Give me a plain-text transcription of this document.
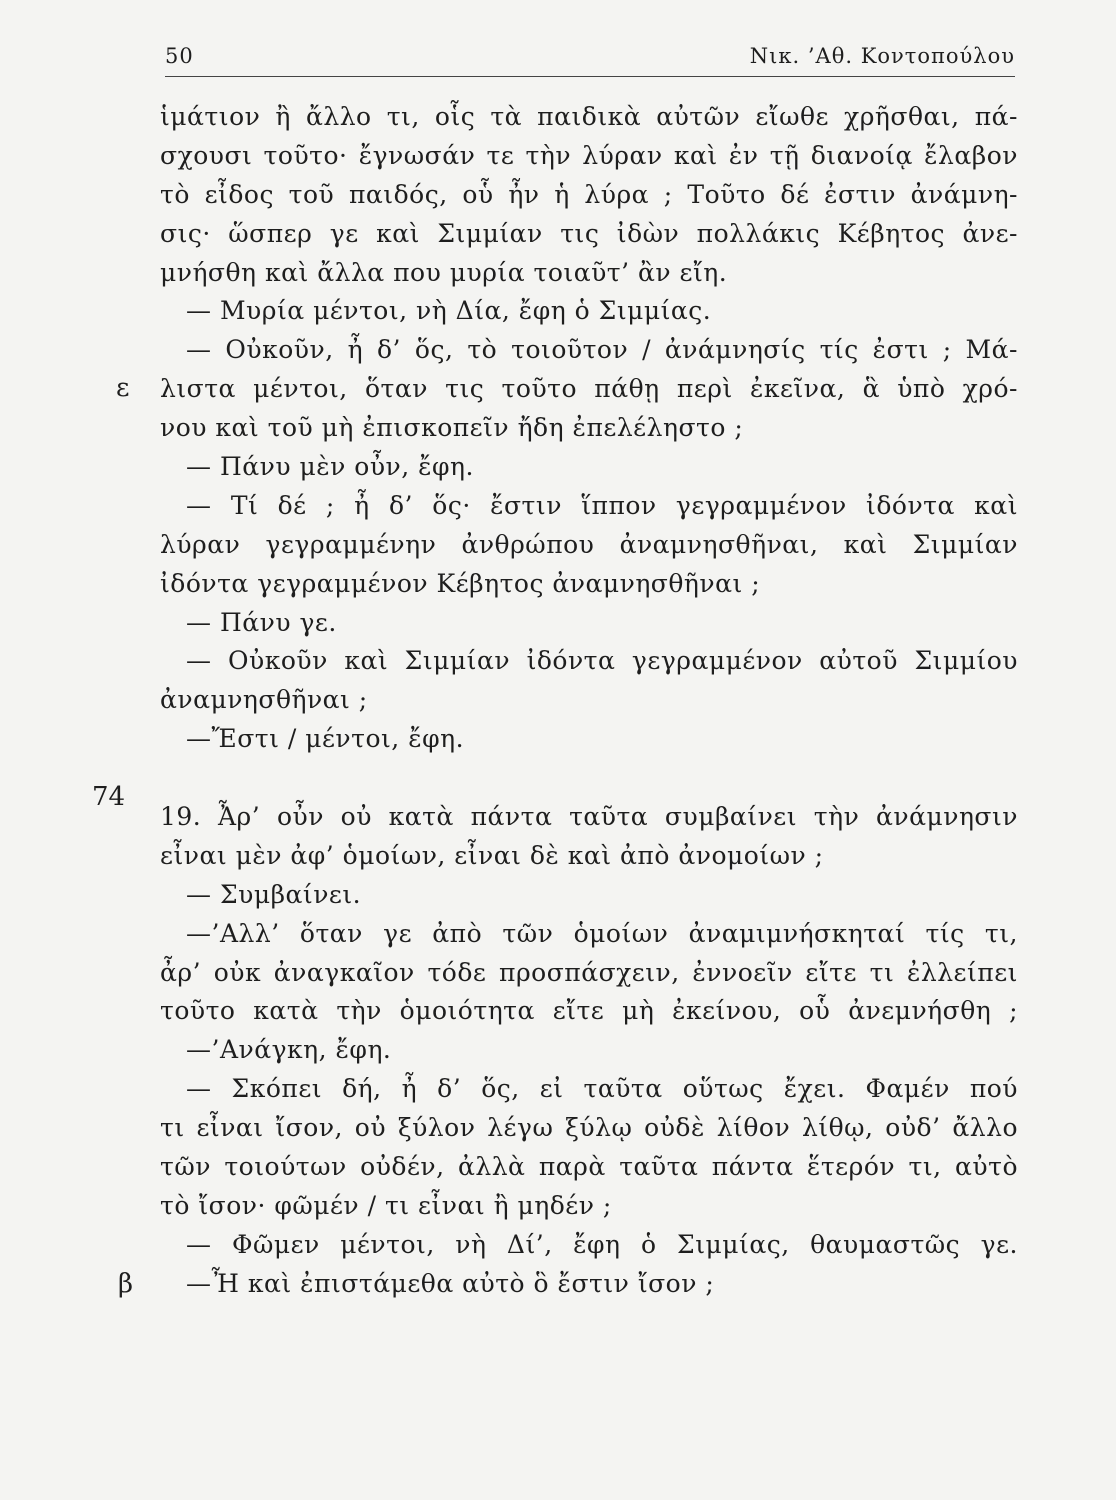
50	Νικ. ’Αθ. Κοντοπούλου
ε
74
β
ἱμάτιον ἢ ἄλλο τι, οἷς τὰ παιδικὰ αὐτῶν εἴωθε χρῆσθαι, πά-
σχουσι τοῦτο· ἔγνωσάν τε τὴν λύραν καὶ ἐν τῇ διανοίᾳ ἔλαβον
τὸ εἶδος τοῦ παιδός, οὗ ἦν ἡ λύρα ; Τοῦτο δέ ἐστιν ἀνάμνη-
σις· ὥσπερ γε καὶ Σιμμίαν τις ἰδὼν πολλάκις Κέβητος ἀνε-
μνήσθη καὶ ἄλλα που μυρία τοιαῦτ’ ἂν εἴη.
— Μυρία μέντοι, νὴ Δία, ἔφη ὁ Σιμμίας.
— Οὐκοῦν, ἦ δ’ ὅς, τὸ τοιοῦτον / ἀνάμνησίς τίς ἐστι ; Μά-
λιστα μέντοι, ὅταν τις τοῦτο πάθῃ περὶ ἐκεῖνα, ἃ ὑπὸ χρό-
νου καὶ τοῦ μὴ ἐπισκοπεῖν ἤδη ἐπελέληστο ;
— Πάνυ μὲν οὖν, ἔφη.
— Τί δέ ; ἦ δ’ ὅς· ἔστιν ἵππον γεγραμμένον ἰδόντα καὶ
λύραν γεγραμμένην ἀνθρώπου ἀναμνησθῆναι, καὶ Σιμμίαν
ἰδόντα γεγραμμένον Κέβητος ἀναμνησθῆναι ;
— Πάνυ γε.
— Οὐκοῦν καὶ Σιμμίαν ἰδόντα γεγραμμένον αὐτοῦ Σιμμίου
ἀναμνησθῆναι ;
—Ἔστι / μέντοι, ἔφη.
19. Ἆρ’ οὖν οὐ κατὰ πάντα ταῦτα συμβαίνει τὴν ἀνάμνησιν
εἶναι μὲν ἀφ’ ὁμοίων, εἶναι δὲ καὶ ἀπὸ ἀνομοίων ;
— Συμβαίνει.
—’Αλλ’ ὅταν γε ἀπὸ τῶν ὁμοίων ἀναμιμνήσκηταί τίς τι,
ἆρ’ οὐκ ἀναγκαῖον τόδε προσπάσχειν, ἐννοεῖν εἴτε τι ἐλλείπει
τοῦτο κατὰ τὴν ὁμοιότητα εἴτε μὴ ἐκείνου, οὗ ἀνεμνήσθη ;
—’Ανάγκη, ἔφη.
— Σκόπει δή, ἦ δ’ ὅς, εἰ ταῦτα οὕτως ἔχει. Φαμέν πού
τι εἶναι ἴσον, οὐ ξύλον λέγω ξύλῳ οὐδὲ λίθον λίθῳ, οὐδ’ ἄλλο
τῶν τοιούτων οὐδέν, ἀλλὰ παρὰ ταῦτα πάντα ἕτερόν τι, αὐτὸ
τὸ ἴσον· φῶμέν / τι εἶναι ἢ μηδέν ;
— Φῶμεν μέντοι, νὴ Δί’, ἔφη ὁ Σιμμίας, θαυμαστῶς γε.
—Ἦ καὶ ἐπιστάμεθα αὐτὸ ὃ ἔστιν ἴσον ;
